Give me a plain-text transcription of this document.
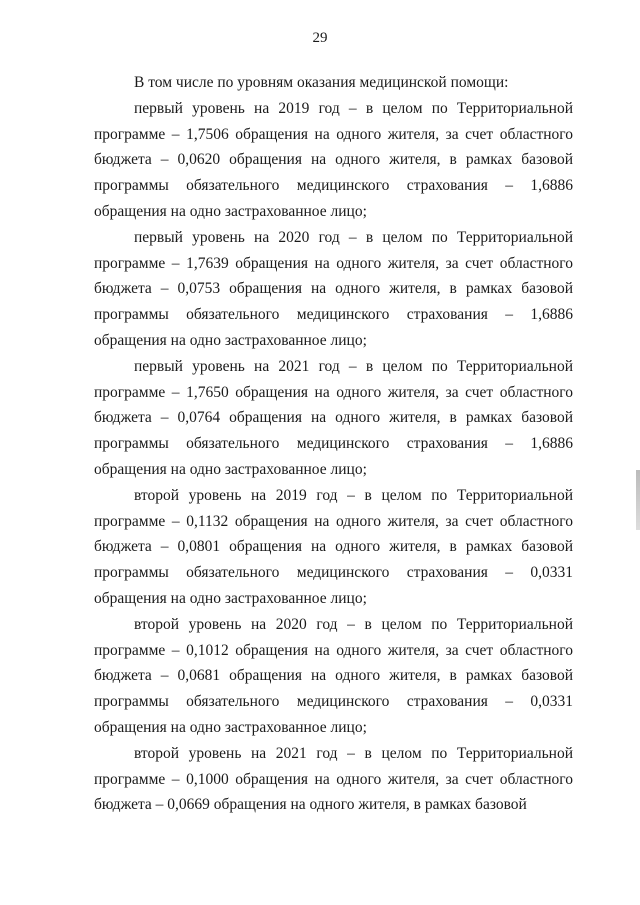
29

В том числе по уровням оказания медицинской помощи:

первый уровень на 2019 год – в целом по Территориальной программе – 1,7506 обращения на одного жителя, за счет областного бюджета – 0,0620 обращения на одного жителя, в рамках базовой программы обязательного медицинского страхования – 1,6886 обращения на одно застрахованное лицо;

первый уровень на 2020 год – в целом по Территориальной программе – 1,7639 обращения на одного жителя, за счет областного бюджета – 0,0753 обращения на одного жителя, в рамках базовой программы обязательного медицинского страхования – 1,6886 обращения на одно застрахованное лицо;

первый уровень на 2021 год – в целом по Территориальной программе – 1,7650 обращения на одного жителя, за счет областного бюджета – 0,0764 обращения на одного жителя, в рамках базовой программы обязательного медицинского страхования – 1,6886 обращения на одно застрахованное лицо;

второй уровень на 2019 год – в целом по Территориальной программе – 0,1132 обращения на одного жителя, за счет областного бюджета – 0,0801 обращения на одного жителя, в рамках базовой программы обязательного медицинского страхования – 0,0331 обращения на одно застрахованное лицо;

второй уровень на 2020 год – в целом по Территориальной программе – 0,1012 обращения на одного жителя, за счет областного бюджета – 0,0681 обращения на одного жителя, в рамках базовой программы обязательного медицинского страхования – 0,0331 обращения на одно застрахованное лицо;

второй уровень на 2021 год – в целом по Территориальной программе – 0,1000 обращения на одного жителя, за счет областного бюджета – 0,0669 обращения на одного жителя, в рамках базовой
